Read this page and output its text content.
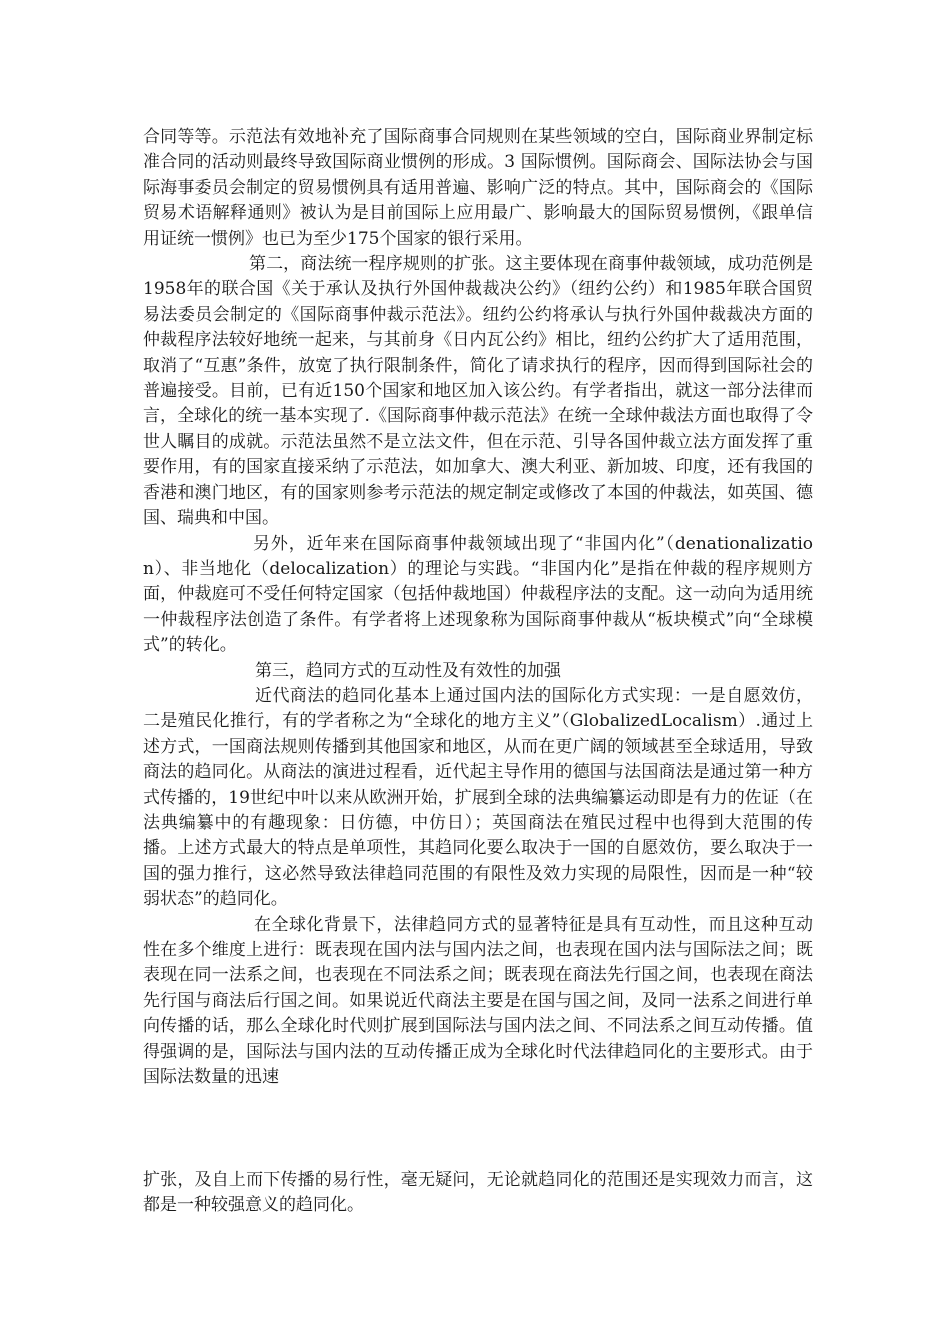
合同等等。示范法有效地补充了国际商事合同规则在某些领域的空白，国际商业界制定标准合同的活动则最终导致国际商业惯例的形成。3 国际惯例。国际商会、国际法协会与国际海事委员会制定的贸易惯例具有适用普遍、影响广泛的特点。其中，国际商会的《国际贸易术语解释通则》被认为是目前国际上应用最广、影响最大的国际贸易惯例，《跟单信用证统一惯例》也已为至少175个国家的银行采用。

第二，商法统一程序规则的扩张。这主要体现在商事仲裁领域，成功范例是1958年的联合国《关于承认及执行外国仲裁裁决公约》（纽约公约）和1985年联合国贸易法委员会制定的《国际商事仲裁示范法》。纽约公约将承认与执行外国仲裁裁决方面的仲裁程序法较好地统一起来，与其前身《日内瓦公约》相比，纽约公约扩大了适用范围，取消了“互惠”条件，放宽了执行限制条件，简化了请求执行的程序，因而得到国际社会的普遍接受。目前，已有近150个国家和地区加入该公约。有学者指出，就这一部分法律而言，全球化的统一基本实现了.《国际商事仲裁示范法》在统一全球仲裁法方面也取得了令世人瞩目的成就。示范法虽然不是立法文件，但在示范、引导各国仲裁立法方面发挥了重要作用，有的国家直接采纳了示范法，如加拿大、澳大利亚、新加坡、印度，还有我国的香港和澳门地区，有的国家则参考示范法的规定制定或修改了本国的仲裁法，如英国、德国、瑞典和中国。

另外，近年来在国际商事仲裁领域出现了“非国内化”（denationalization）、非当地化（delocalization）的理论与实践。“非国内化”是指在仲裁的程序规则方面，仲裁庭可不受任何特定国家（包括仲裁地国）仲裁程序法的支配。这一动向为适用统一仲裁程序法创造了条件。有学者将上述现象称为国际商事仲裁从“板块模式”向“全球模式”的转化。

第三，趋同方式的互动性及有效性的加强

近代商法的趋同化基本上通过国内法的国际化方式实现：一是自愿效仿，二是殖民化推行，有的学者称之为“全球化的地方主义”（GlobalizedLocalism）.通过上述方式，一国商法规则传播到其他国家和地区，从而在更广阔的领域甚至全球适用，导致商法的趋同化。从商法的演进过程看，近代起主导作用的德国与法国商法是通过第一种方式传播的，19世纪中叶以来从欧洲开始，扩展到全球的法典编纂运动即是有力的佐证（在法典编纂中的有趣现象：日仿德，中仿日）；英国商法在殖民过程中也得到大范围的传播。上述方式最大的特点是单项性，其趋同化要么取决于一国的自愿效仿，要么取决于一国的强力推行，这必然导致法律趋同范围的有限性及效力实现的局限性，因而是一种“较弱状态”的趋同化。

在全球化背景下，法律趋同方式的显著特征是具有互动性，而且这种互动性在多个维度上进行：既表现在国内法与国内法之间，也表现在国内法与国际法之间；既表现在同一法系之间，也表现在不同法系之间；既表现在商法先行国之间，也表现在商法先行国与商法后行国之间。如果说近代商法主要是在国与国之间，及同一法系之间进行单向传播的话，那么全球化时代则扩展到国际法与国内法之间、不同法系之间互动传播。值得强调的是，国际法与国内法的互动传播正成为全球化时代法律趋同化的主要形式。由于国际法数量的迅速

扩张，及自上而下传播的易行性，毫无疑问，无论就趋同化的范围还是实现效力而言，这都是一种较强意义的趋同化。
